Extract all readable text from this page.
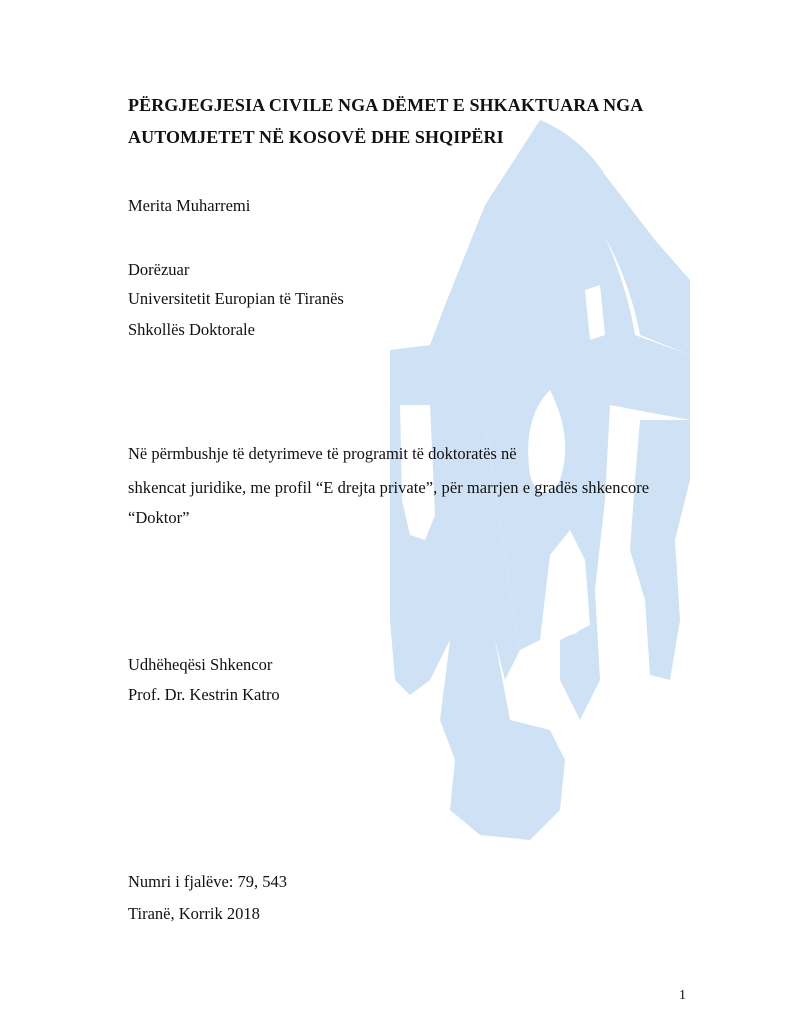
PËRGJEGJESIA CIVILE NGA DËMET E SHKAKTUARA NGA
AUTOMJETET NË KOSOVË DHE SHQIPËRI
Merita Muharremi
Dorëzuar
Universitetit Europian të Tiranës
Shkollës Doktorale
Në përmbushje të detyrimeve të programit të doktoratës në
shkencat juridike, me profil “E drejta private”, për marrjen e gradës shkencore
“Doktor”
Udhëheqësi Shkencor
Prof. Dr. Kestrin Katro
Numri i fjalëve: 79, 543
Tiranë, Korrik 2018
1
